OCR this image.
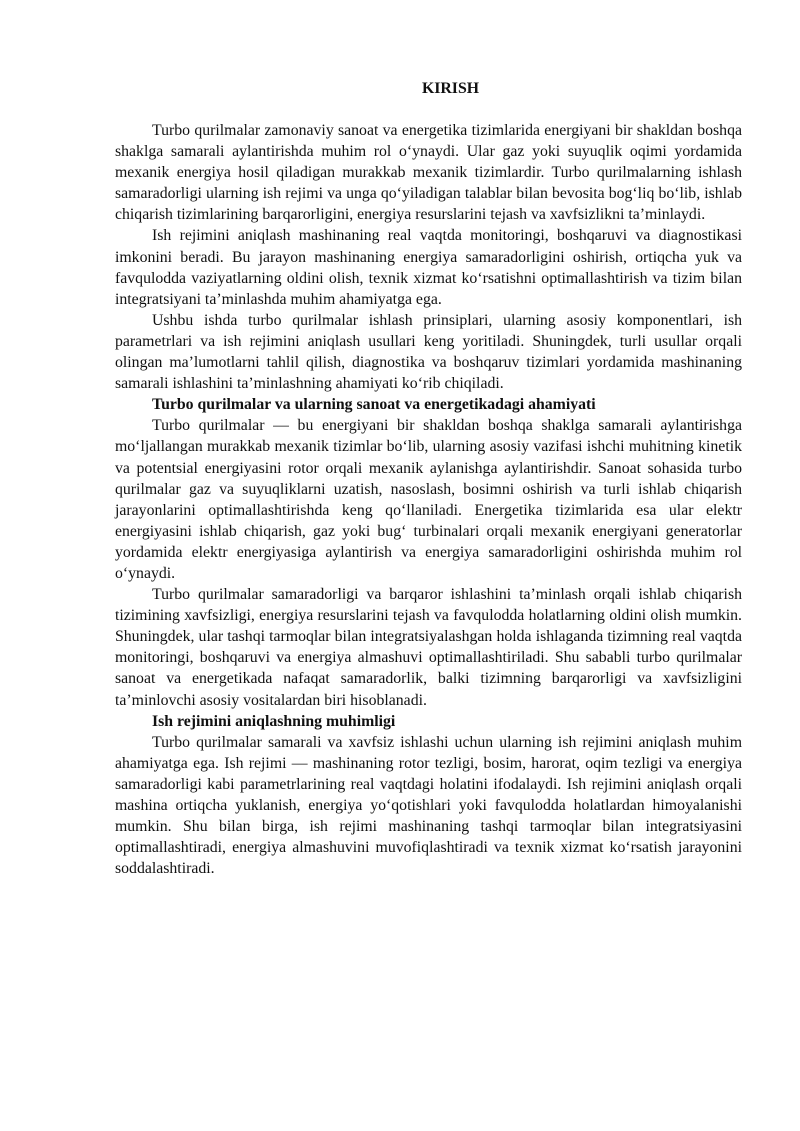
KIRISH

Turbo qurilmalar zamonaviy sanoat va energetika tizimlarida energiyani bir shakldan boshqa shaklga samarali aylantirishda muhim rol oʻynaydi. Ular gaz yoki suyuqlik oqimi yordamida mexanik energiya hosil qiladigan murakkab mexanik tizimlardir. Turbo qurilmalarning ishlash samaradorligi ularning ish rejimi va unga qoʻyiladigan talablar bilan bevosita bogʻliq boʻlib, ishlab chiqarish tizimlarining barqarorligini, energiya resurslarini tejash va xavfsizlikni taʼminlaydi.

Ish rejimini aniqlash mashinaning real vaqtda monitoringi, boshqaruvi va diagnostikasi imkonini beradi. Bu jarayon mashinaning energiya samaradorligini oshirish, ortiqcha yuk va favqulodda vaziyatlarning oldini olish, texnik xizmat koʻrsatishni optimallashtirish va tizim bilan integratsiyani taʼminlashda muhim ahamiyatga ega.

Ushbu ishda turbo qurilmalar ishlash prinsiplari, ularning asosiy komponentlari, ish parametrlari va ish rejimini aniqlash usullari keng yoritiladi. Shuningdek, turli usullar orqali olingan maʼlumotlarni tahlil qilish, diagnostika va boshqaruv tizimlari yordamida mashinaning samarali ishlashini taʼminlashning ahamiyati koʻrib chiqiladi.

Turbo qurilmalar va ularning sanoat va energetikadagi ahamiyati

Turbo qurilmalar — bu energiyani bir shakldan boshqa shaklga samarali aylantirishga moʻljallangan murakkab mexanik tizimlar boʻlib, ularning asosiy vazifasi ishchi muhitning kinetik va potentsial energiyasini rotor orqali mexanik aylanishga aylantirishdir. Sanoat sohasida turbo qurilmalar gaz va suyuqliklarni uzatish, nasoslash, bosimni oshirish va turli ishlab chiqarish jarayonlarini optimallashtirishda keng qoʻllaniladi. Energetika tizimlarida esa ular elektr energiyasini ishlab chiqarish, gaz yoki bugʻ turbinalari orqali mexanik energiyani generatorlar yordamida elektr energiyasiga aylantirish va energiya samaradorligini oshirishda muhim rol oʻynaydi.

Turbo qurilmalar samaradorligi va barqaror ishlashini taʼminlash orqali ishlab chiqarish tizimining xavfsizligi, energiya resurslarini tejash va favqulodda holatlarning oldini olish mumkin. Shuningdek, ular tashqi tarmoqlar bilan integratsiyalashgan holda ishlaganda tizimning real vaqtda monitoringi, boshqaruvi va energiya almashuvi optimallashtiriladi. Shu sababli turbo qurilmalar sanoat va energetikada nafaqat samaradorlik, balki tizimning barqarorligi va xavfsizligini taʼminlovchi asosiy vositalardan biri hisoblanadi.

Ish rejimini aniqlashning muhimligi

Turbo qurilmalar samarali va xavfsiz ishlashi uchun ularning ish rejimini aniqlash muhim ahamiyatga ega. Ish rejimi — mashinaning rotor tezligi, bosim, harorat, oqim tezligi va energiya samaradorligi kabi parametrlarining real vaqtdagi holatini ifodalaydi. Ish rejimini aniqlash orqali mashina ortiqcha yuklanish, energiya yoʻqotishlari yoki favqulodda holatlardan himoyalanishi mumkin. Shu bilan birga, ish rejimi mashinaning tashqi tarmoqlar bilan integratsiyasini optimallashtiradi, energiya almashuvini muvofiqlashtiradi va texnik xizmat koʻrsatish jarayonini soddalashtiradi.
